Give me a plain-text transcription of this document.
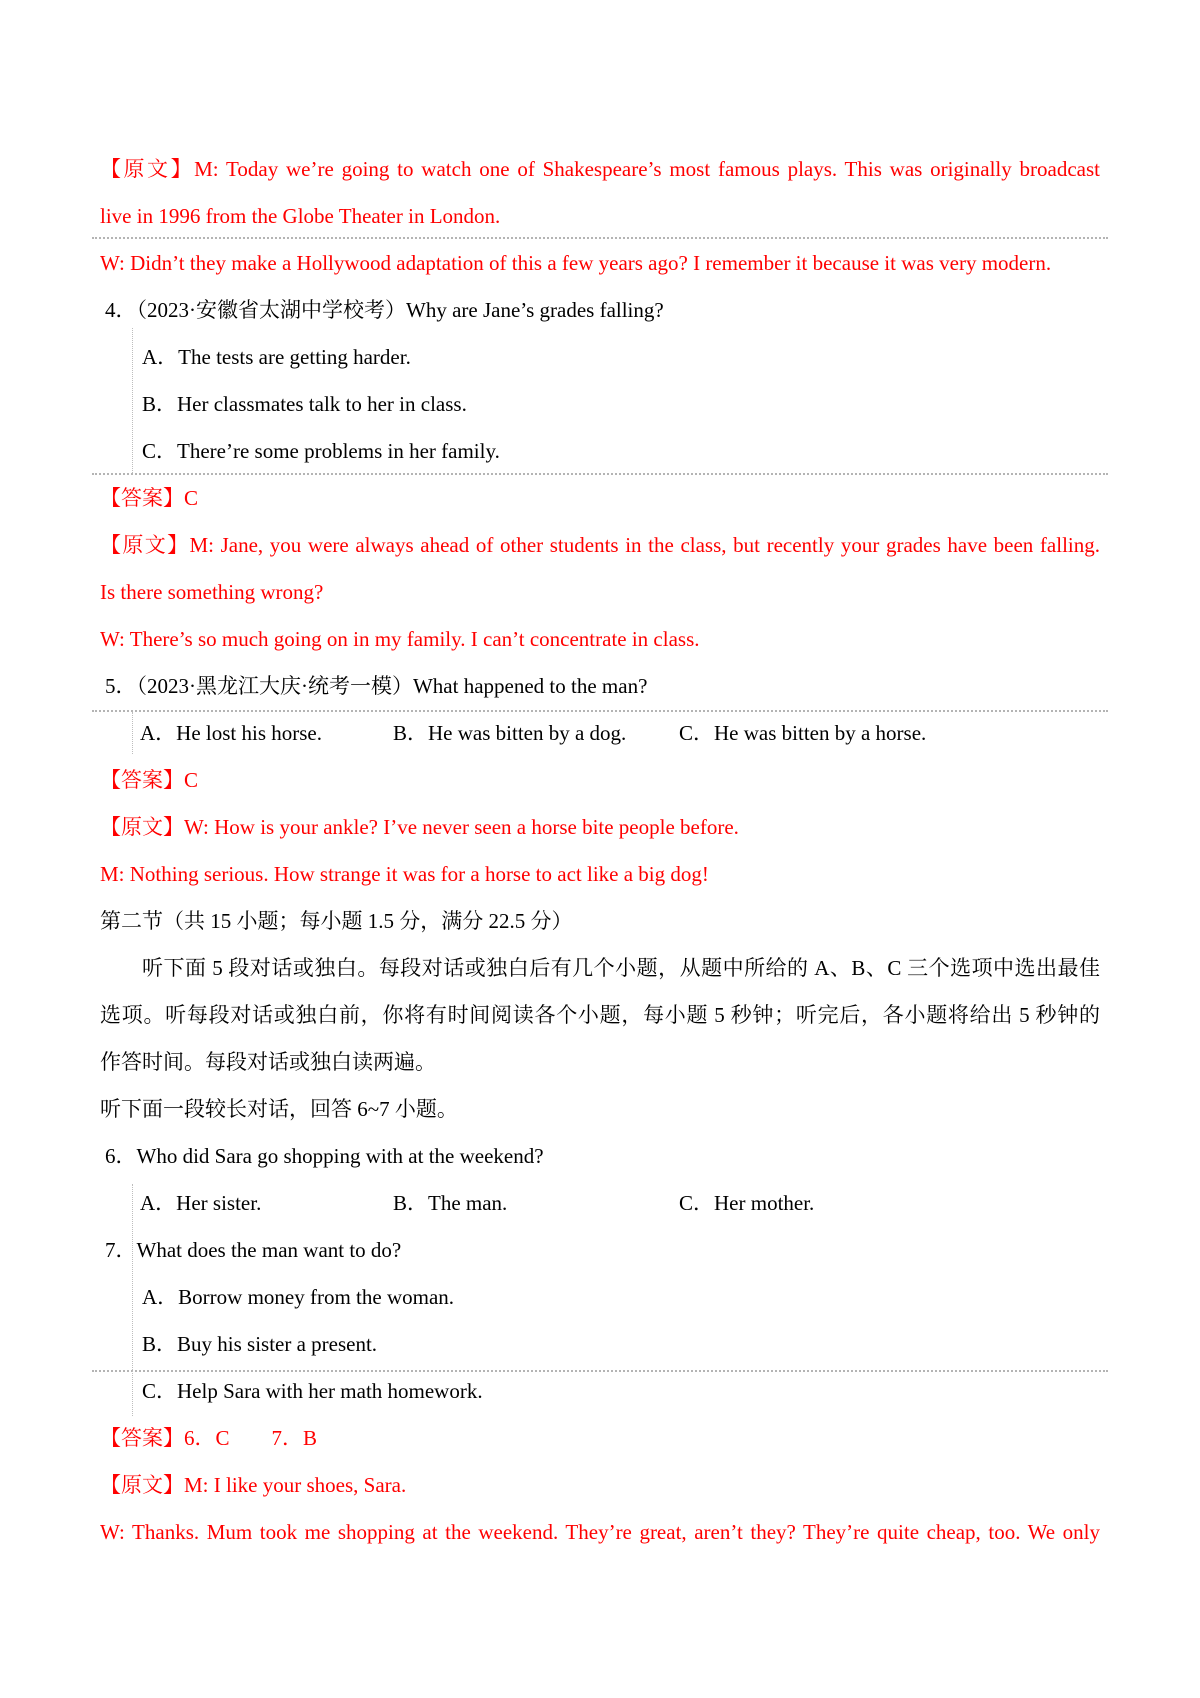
【原文】M: Today we’re going to watch one of Shakespeare’s most famous plays. This was originally broadcast
live in 1996 from the Globe Theater in London.
W: Didn’t they make a Hollywood adaptation of this a few years ago? I remember it because it was very modern.
4．（2023·安徽省太湖中学校考）Why are Jane’s grades falling?
A．The tests are getting harder.
B．Her classmates talk to her in class.
C．There’re some problems in her family.
【答案】C
【原文】M: Jane, you were always ahead of other students in the class, but recently your grades have been falling.
Is there something wrong?
W: There’s so much going on in my family. I can’t concentrate in class.
5．（2023·黑龙江大庆·统考一模）What happened to the man?
A．He lost his horse.	B．He was bitten by a dog.	C．He was bitten by a horse.
【答案】C
【原文】W: How is your ankle? I’ve never seen a horse bite people before.
M: Nothing serious. How strange it was for a horse to act like a big dog!
第二节（共 15 小题；每小题 1.5 分，满分 22.5 分）
听下面 5 段对话或独白。每段对话或独白后有几个小题，从题中所给的 A、B、C 三个选项中选出最佳
选项。听每段对话或独白前，你将有时间阅读各个小题，每小题 5 秒钟；听完后，各小题将给出 5 秒钟的
作答时间。每段对话或独白读两遍。
听下面一段较长对话，回答 6~7 小题。
6．Who did Sara go shopping with at the weekend?
A．Her sister.	B．The man.	C．Her mother.
7．What does the man want to do?
A．Borrow money from the woman.
B．Buy his sister a present.
C．Help Sara with her math homework.
【答案】6．C　　7．B
【原文】M: I like your shoes, Sara.
W: Thanks. Mum took me shopping at the weekend. They’re great, aren’t they? They’re quite cheap, too. We only
